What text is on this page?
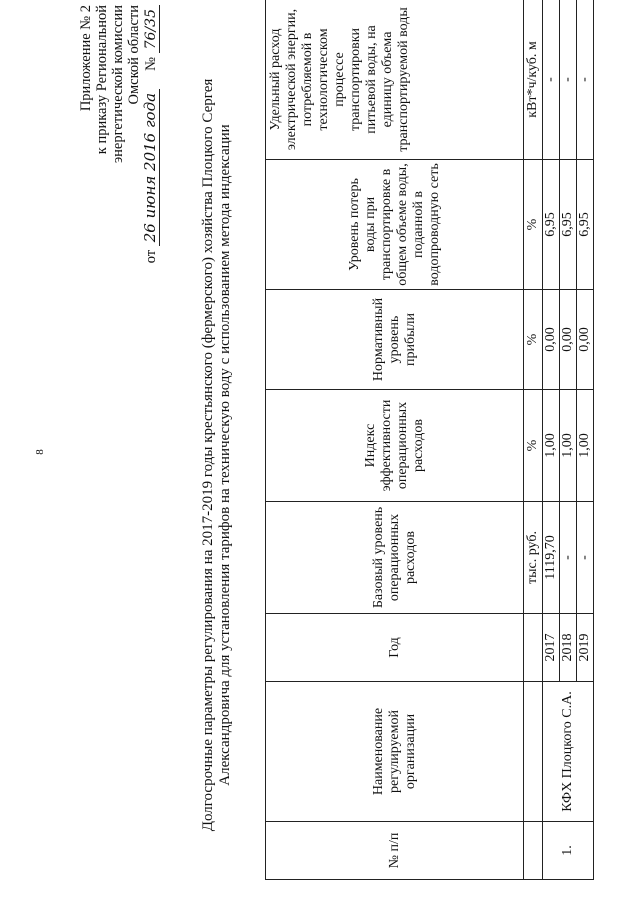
8
Приложение № 2 к приказу Региональной энергетической комиссии Омской области
от 26 июня 2016 года     № 76/35
Долгосрочные параметры регулирования на 2017-2019 годы крестьянского (фермерского) хозяйства Плоцкого Сергея Александровича для установления тарифов на техническую воду с использованием метода индексации
№ п/п	Наименование регулируемой организации	Год	Базовый уровень операционных расходов	Индекс эффективности операционных расходов	Нормативный уровень прибыли	Уровень потерь воды при транспортировке в общем объеме воды, поданной в водопроводную сеть	Удельный расход электрической энергии, потребляемой в технологическом процессе транспортировки питьевой воды, на единицу объема транспортируемой воды
			тыс. руб.	%	%	%	кВт*ч/куб. м
1.	КФХ Плоцкого С.А.	2017	1119,70	1,00	0,00	6,95	-
		2018	-	1,00	0,00	6,95	-
		2019	-	1,00	0,00	6,95	-
